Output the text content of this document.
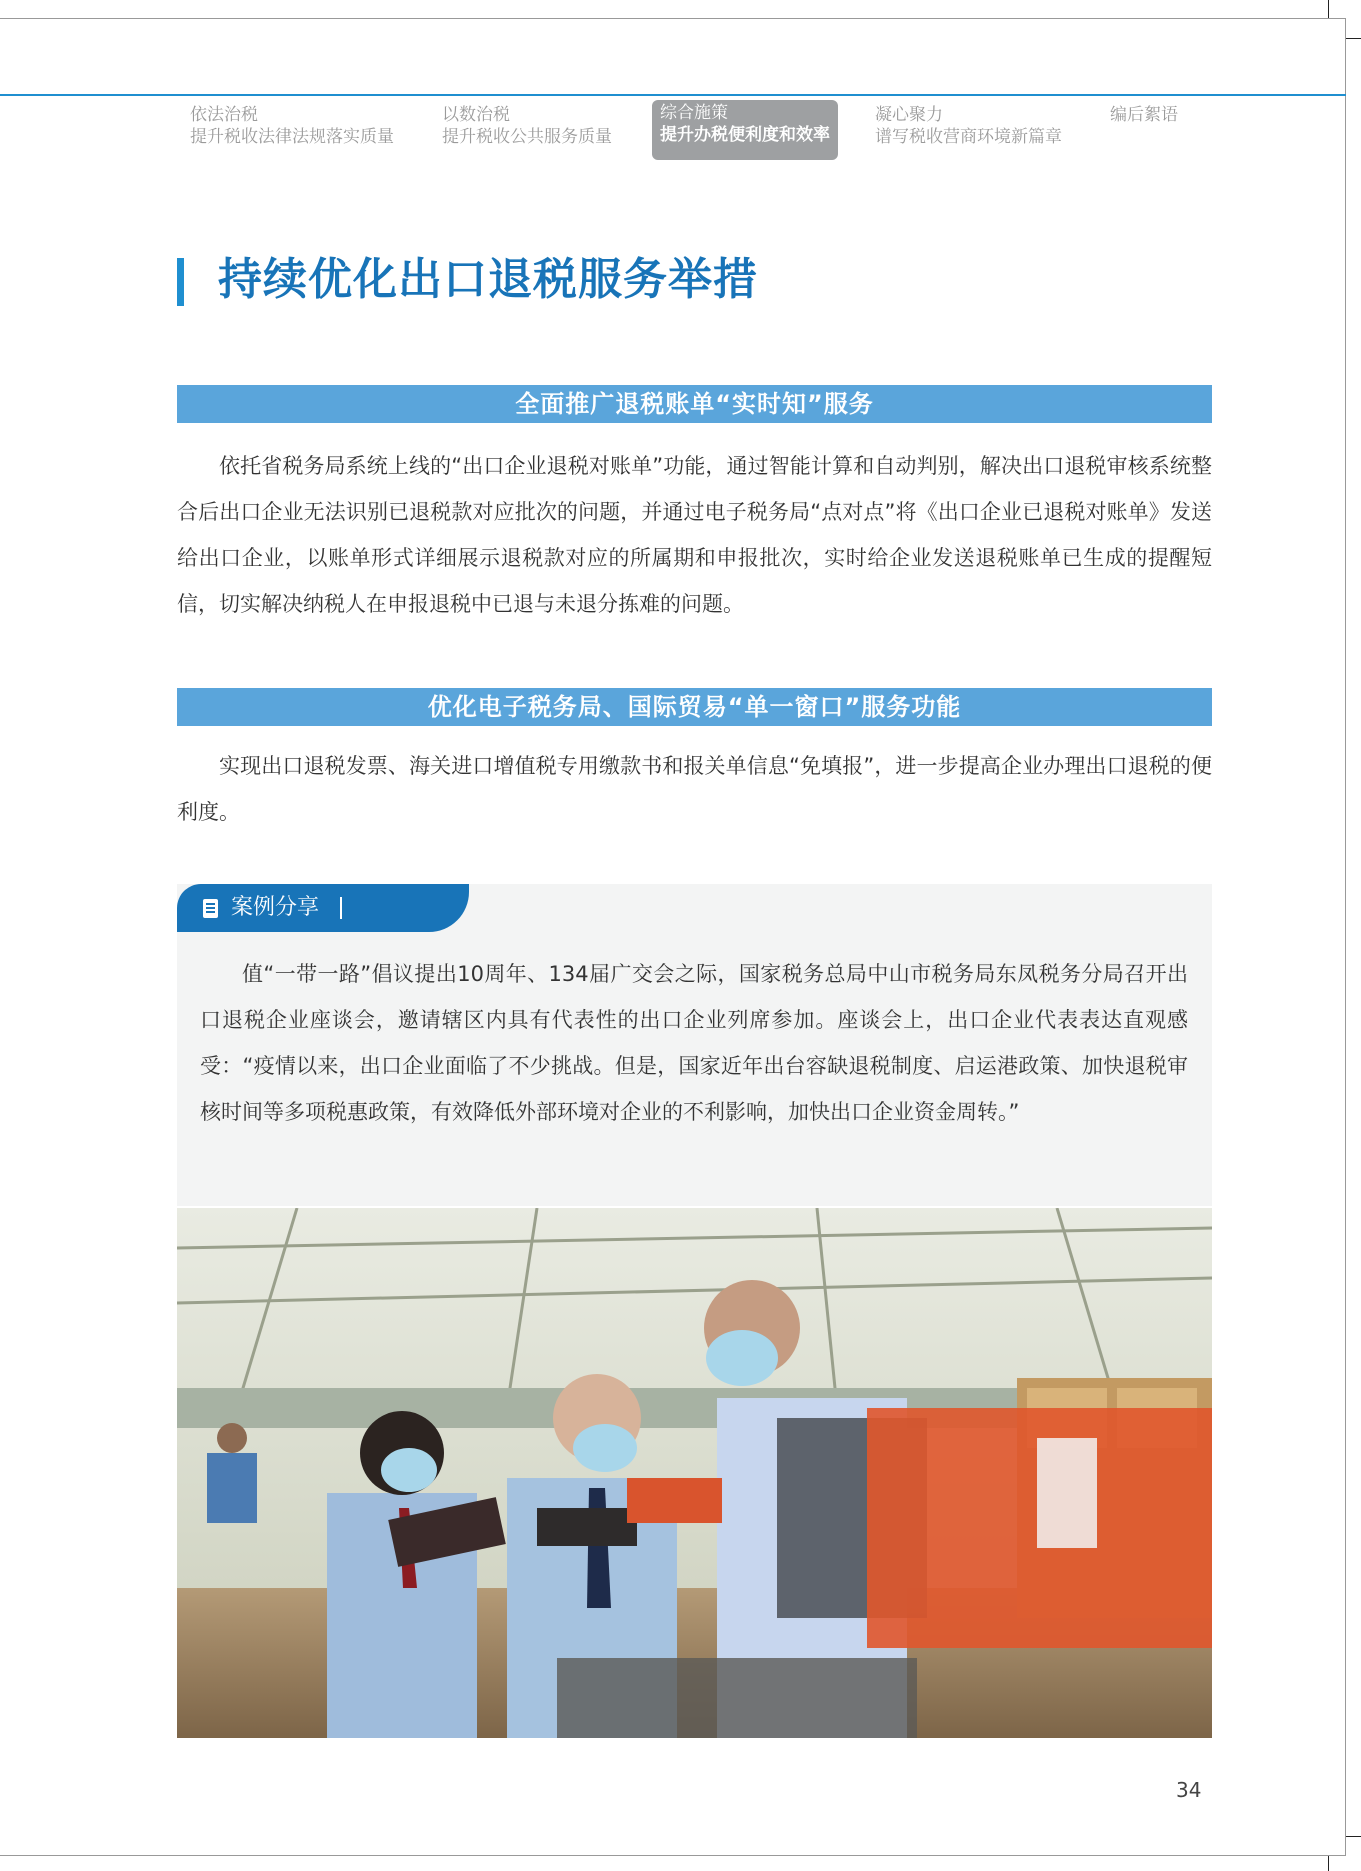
依法治税
提升税收法律法规落实质量
以数治税
提升税收公共服务质量
综合施策
提升办税便利度和效率
凝心聚力
谱写税收营商环境新篇章
编后絮语
持续优化出口退税服务举措
全面推广退税账单“实时知”服务

依托省税务局系统上线的“出口企业退税对账单”功能，通过智能计算和自动判别，解决出口退税审核系统整合后出口企业无法识别已退税款对应批次的问题，并通过电子税务局“点对点”将《出口企业已退税对账单》发送给出口企业，以账单形式详细展示退税款对应的所属期和申报批次，实时给企业发送退税账单已生成的提醒短信，切实解决纳税人在申报退税中已退与未退分拣难的问题。

优化电子税务局、国际贸易“单一窗口”服务功能

实现出口退税发票、海关进口增值税专用缴款书和报关单信息“免填报”，进一步提高企业办理出口退税的便利度。

案例分享

值“一带一路”倡议提出10周年、134届广交会之际，国家税务总局中山市税务局东凤税务分局召开出口退税企业座谈会，邀请辖区内具有代表性的出口企业列席参加。座谈会上，出口企业代表表达直观感受：“疫情以来，出口企业面临了不少挑战。但是，国家近年出台容缺退税制度、启运港政策、加快退税审核时间等多项税惠政策，有效降低外部环境对企业的不利影响，加快出口企业资金周转。”

34
